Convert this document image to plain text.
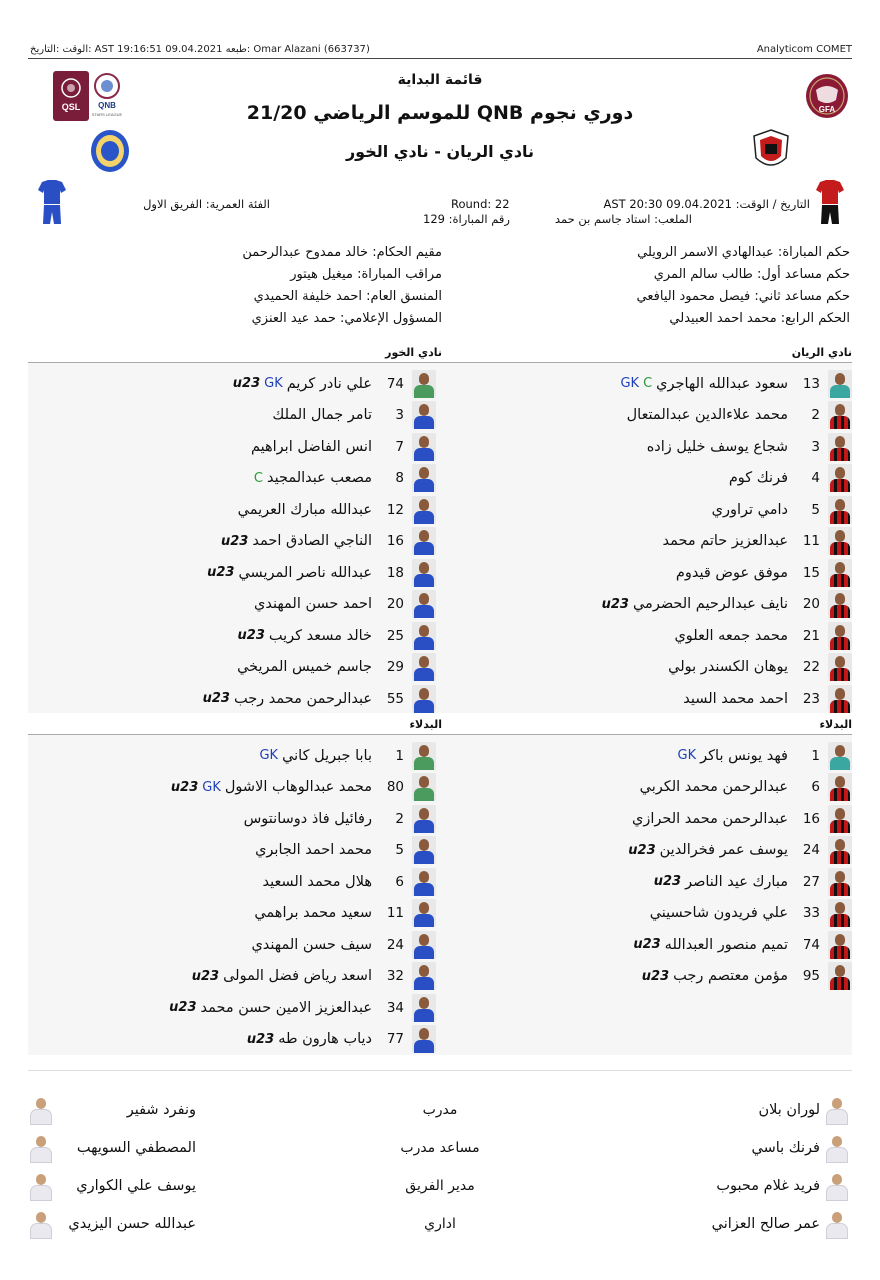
(663737) Omar Alazani :طبعه AST 19:16:51 09.04.2021 :الوقت :التاريخ	Analyticom COMET
GFA
QSL QNB
STARS LEAGUE
قائمة البداية
دوري نجوم QNB للموسم الرياضي 21/20
نادي الريان - نادي الخور
التاريخ / الوقت: AST 20:30 09.04.2021
الملعب: استاد جاسم بن حمد
Round: 22
رقم المباراة: 129
الفئة العمرية: الفريق الاول
حكم المباراة: عبدالهادي الاسمر الرويلي
حكم مساعد أول: طالب سالم المري
حكم مساعد ثاني: فيصل محمود اليافعي
الحكم الرابع: محمد احمد العبيدلي
مقيم الحكام: خالد ممدوح عبدالرحمن
مراقب المباراة: ميغيل هيتور
المنسق العام: احمد خليفة الحميدي
المسؤول الإعلامي: حمد عيد العنزي
نادي الريان
نادي الخور
13
سعود عبدالله الهاجري
C
GK
2
محمد علاءالدين عبدالمتعال
3
شجاع يوسف خليل زاده
4
فرنك كوم
5
دامي تراوري
11
عبدالعزيز حاتم محمد
15
موفق عوض قيدوم
20
نايف عبدالرحيم الحضرمي
u23
21
محمد جمعه العلوي
22
يوهان الكسندر بولي
23
احمد محمد السيد
74
علي نادر كريم
GK
u23
3
تامر جمال الملك
7
انس الفاضل ابراهيم
8
مصعب عبدالمجيد
C
12
عبدالله مبارك العريمي
16
الناجي الصادق احمد
u23
18
عبدالله ناصر المريسي
u23
20
احمد حسن المهندي
25
خالد مسعد كريب
u23
29
جاسم خميس المريخي
55
عبدالرحمن محمد رجب
u23
البدلاء
البدلاء
1
فهد يونس باكر
GK
6
عبدالرحمن محمد الكربي
16
عبدالرحمن محمد الحرازي
24
يوسف عمر فخرالدين
u23
27
مبارك عيد الناصر
u23
33
علي فريدون شاحسيني
74
تميم منصور العبدالله
u23
95
مؤمن معتصم رجب
u23
1
بابا جبريل كاني
GK
80
محمد عبدالوهاب الاشول
GK
u23
2
رفائيل فاذ دوسانتوس
5
محمد احمد الجابري
6
هلال محمد السعيد
11
سعيد محمد براهمي
24
سيف حسن المهندي
32
اسعد رياض فضل المولى
u23
34
عبدالعزيز الامين حسن محمد
u23
77
دياب هارون طه
u23
لوران بلان
مدرب
ونفرد شفير
فرنك باسي
مساعد مدرب
المصطفي السويهب
فريد غلام محبوب
مدير الفريق
يوسف علي الكواري
عمر صالح العزاني
اداري
عبدالله حسن اليزيدي
